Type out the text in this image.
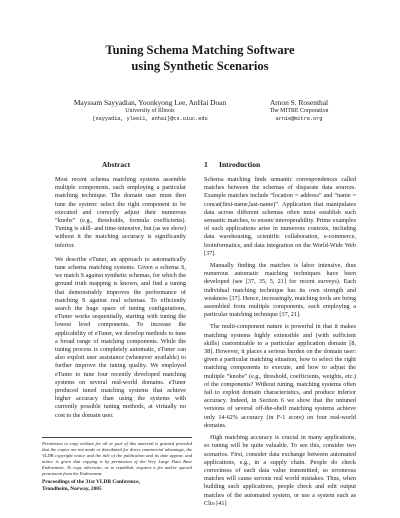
Tuning Schema Matching Software
using Synthetic Scenarios
Mayssam Sayyadian, Yoonkyong Lee, AnHai Doan
University of Illinois
{sayyadia, ylee11, anhai}@cs.uiuc.edu
Arnon S. Rosenthal
The MITRE Corporation
arnie@mitre.org
Abstract

Most recent schema matching systems assemble multiple components, each employing a particular matching technique. The domain user must then tune the system: select the right component to be executed and correctly adjust their numerous “knobs” (e.g., thresholds, formula coefficients). Tuning is skill- and time-intensive, but (as we show) without it the matching accuracy is significantly inferior.

We describe eTuner, an approach to automatically tune schema matching systems. Given a schema S, we match S against synthetic schemas, for which the ground truth mapping is known, and find a tuning that demonstrably improves the performance of matching S against real schemas. To efficiently search the huge space of tuning configurations, eTuner works sequentially, starting with tuning the lowest level components. To increase the applicability of eTuner, we develop methods to tune a broad range of matching components. While the tuning process is completely automatic, eTuner can also exploit user assistance (whenever available) to further improve the tuning quality. We employed eTuner to tune four recently developed matching systems on several real-world domains. eTuner produced tuned matching systems that achieve higher accuracy than using the systems with currently possible tuning methods, at virtually no cost to the domain user.

1 Introduction

Schema matching finds semantic correspondences called matches between the schemas of disparate data sources. Example matches include “location = address” and “name = concat(first-name,last-name)”. Application that manipulates data across different schemas often must establish such semantic matches, to ensure interoperability. Prime examples of such applications arise in numerous contexts, including data warehousing, scientific collaboration, e-commerce, bioinformatics, and data integration on the World-Wide Web [37].

Manually finding the matches is labor intensive, thus numerous automatic matching techniques have been developed (see [37, 35, 5, 21] for recent surveys). Each individual matching technique has its own strength and weakness [37]. Hence, increasingly, matching tools are being assembled from multiple components, each employing a particular matching technique [37, 21].

The multi-component nature is powerful in that it makes matching systems highly extensible and (with sufficient skills) customizable to a particular application domain [8, 38]. However, it places a serious burden on the domain user: given a particular matching situation, how to select the right matching components to execute, and how to adjust the multiple “knobs” (e.g., threshold, coefficients, weights, etc.) of the components? Without tuning, matching systems often fail to exploit domain characteristics, and produce inferior accuracy. Indeed, in Section 6 we show that the untuned versions of several off-the-shelf matching systems achieve only 14-62% accuracy (in F-1 score) on four real-world domains.

High matching accuracy is crucial in many applications, so tuning will be quite valuable. To see this, consider two scenarios. First, consider data exchange between automated applications, e.g., in a supply chain. People do check correctness of each data value transmitted, so erroneous matches will cause serious real world mistakes. Thus, when building such applications, people check and edit output matches of the automated system, or use a system such as Clio [41]

Permission to copy without fee all or part of this material is granted provided that the copies are not made or distributed for direct commercial advantage, the VLDB copyright notice and the title of the publication and its date appear, and notice is given that copying is by permission of the Very Large Data Base Endowment. To copy otherwise, or to republish, requires a fee and/or special permission from the Endowment.

Proceedings of the 31st VLDB Conference,

Trondheim, Norway, 2005
